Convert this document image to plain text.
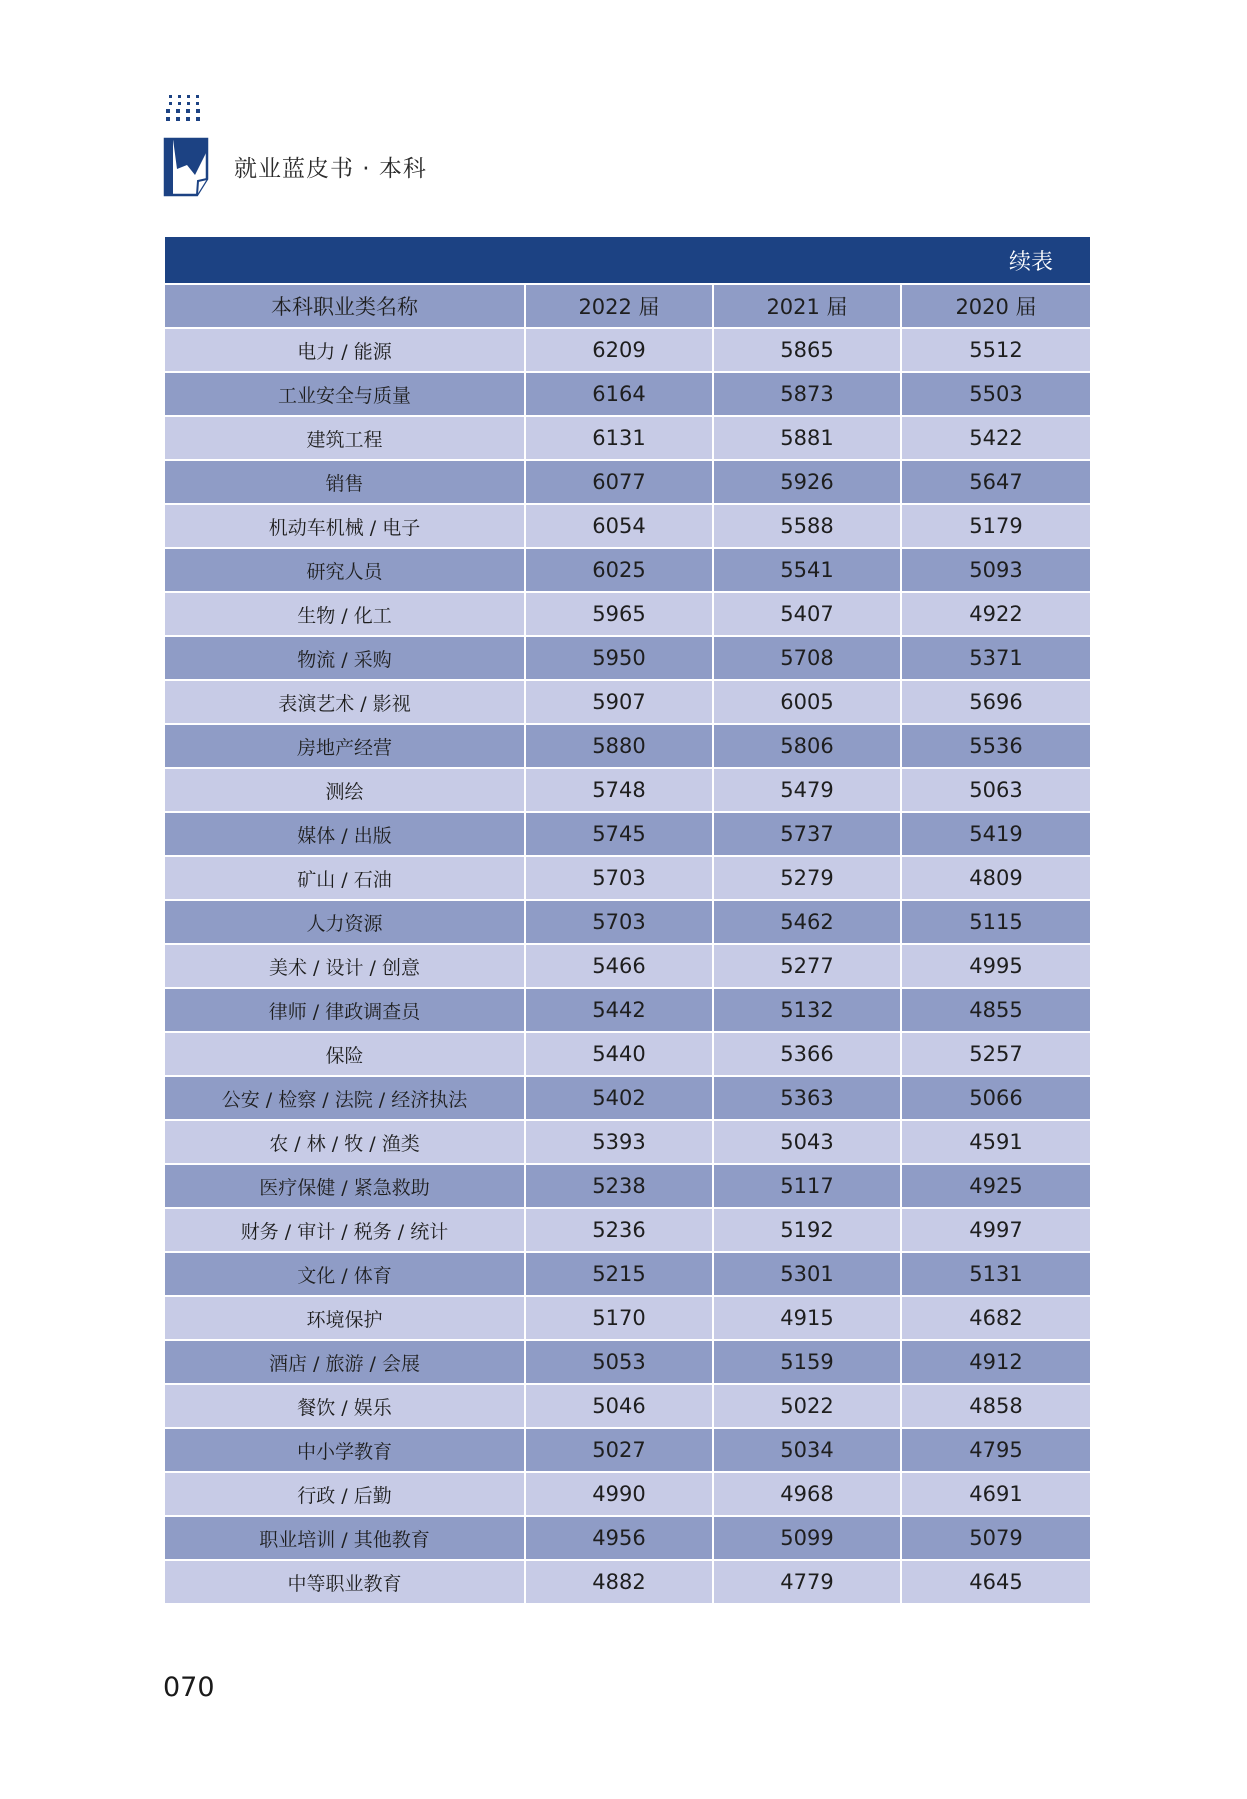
就业蓝皮书 · 本科
续表
本科职业类名称	2022 届	2021 届	2020 届
电力 / 能源	6209	5865	5512
工业安全与质量	6164	5873	5503
建筑工程	6131	5881	5422
销售	6077	5926	5647
机动车机械 / 电子	6054	5588	5179
研究人员	6025	5541	5093
生物 / 化工	5965	5407	4922
物流 / 采购	5950	5708	5371
表演艺术 / 影视	5907	6005	5696
房地产经营	5880	5806	5536
测绘	5748	5479	5063
媒体 / 出版	5745	5737	5419
矿山 / 石油	5703	5279	4809
人力资源	5703	5462	5115
美术 / 设计 / 创意	5466	5277	4995
律师 / 律政调查员	5442	5132	4855
保险	5440	5366	5257
公安 / 检察 / 法院 / 经济执法	5402	5363	5066
农 / 林 / 牧 / 渔类	5393	5043	4591
医疗保健 / 紧急救助	5238	5117	4925
财务 / 审计 / 税务 / 统计	5236	5192	4997
文化 / 体育	5215	5301	5131
环境保护	5170	4915	4682
酒店 / 旅游 / 会展	5053	5159	4912
餐饮 / 娱乐	5046	5022	4858
中小学教育	5027	5034	4795
行政 / 后勤	4990	4968	4691
职业培训 / 其他教育	4956	5099	5079
中等职业教育	4882	4779	4645
070
